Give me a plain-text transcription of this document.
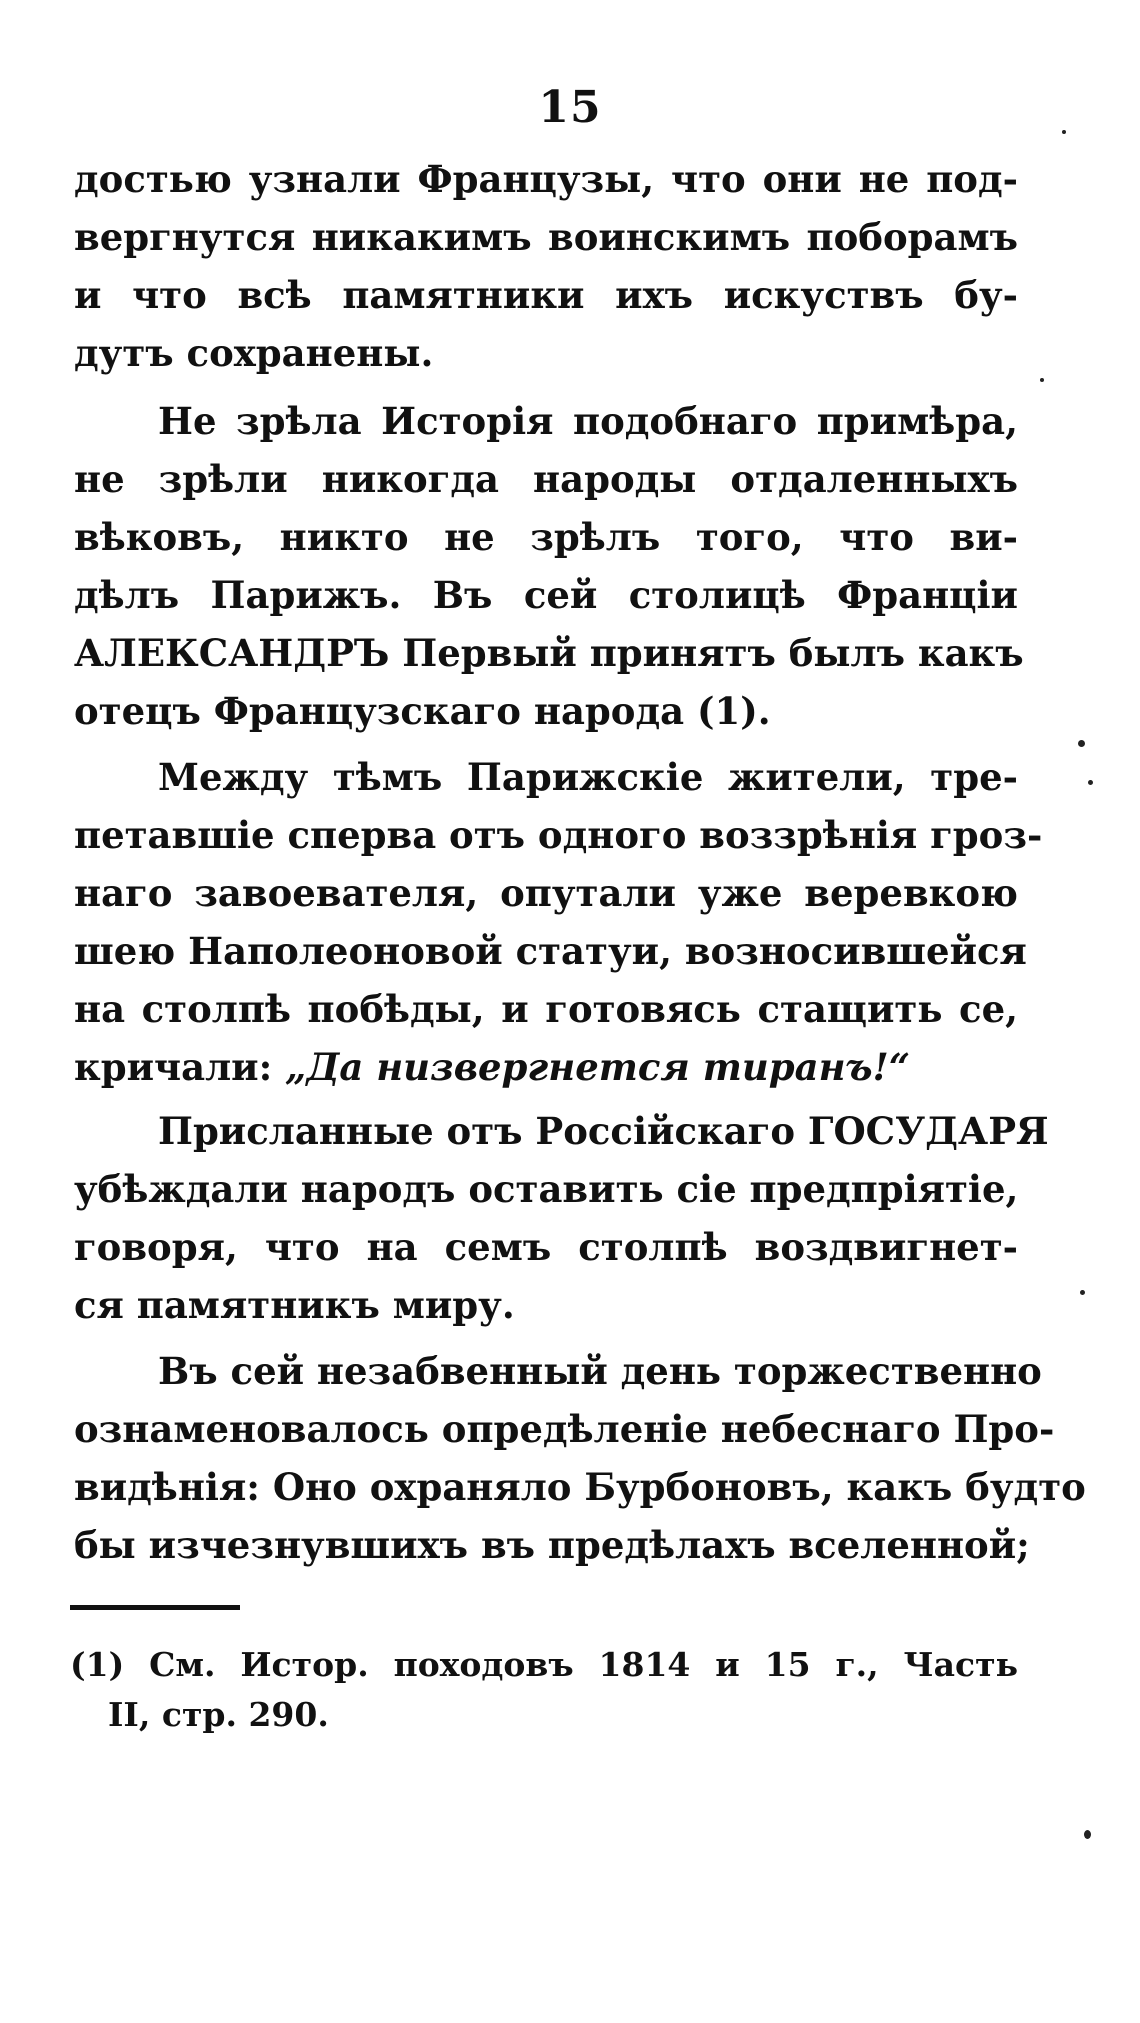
15
достью узнали Французы, что они не под-
вергнутся никакимъ воинскимъ поборамъ
и что всѣ памятники ихъ искуствъ бу-
дутъ сохранены.
Не зрѣла Исторія подобнаго примѣра,
не зрѣли никогда народы отдаленныхъ
вѣковъ, никто не зрѣлъ того, что ви-
дѣлъ Парижъ. Въ сей столицѣ Франціи
АЛЕКСАНДРЪ Первый принятъ былъ какъ
отецъ Французскаго народа (1).
Между тѣмъ Парижскіе жители, тре-
петавшіе сперва отъ одного воззрѣнія гроз-
наго завоевателя, опутали уже веревкою
шею Наполеоновой статуи, возносившейся
на столпѣ побѣды, и готовясь стащить се,
кричали: „Да низвергнется тиранъ!“
Присланные отъ Россійскаго ГОСУДАРЯ
убѣждали народъ оставить сіе предпріятіе,
говоря, что на семъ столпѣ воздвигнет-
ся памятникъ миру.
Въ сей незабвенный день торжественно
ознаменовалось опредѣленіе небеснаго Про-
видѣнія: Оно охраняло Бурбоновъ, какъ будто
бы изчезнувшихъ въ предѣлахъ вселенной;
(1) См. Истор. походовъ 1814 и 15 г., Часть
II, стр. 290.
